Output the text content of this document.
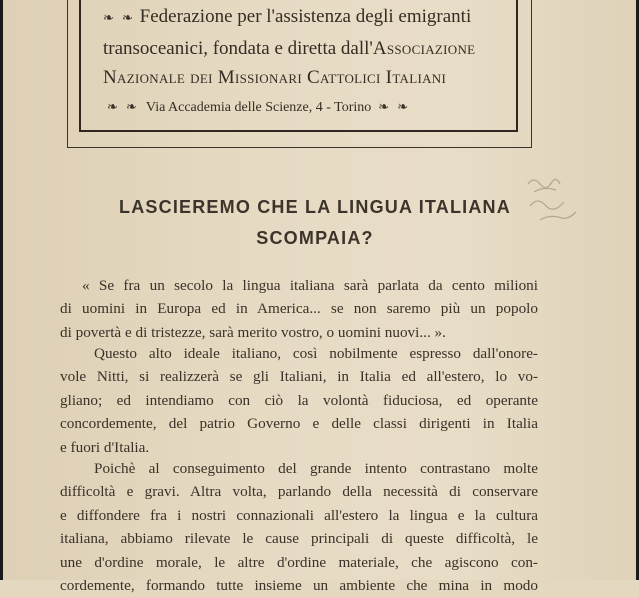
❧ ❧ Federazione per l'assistenza degli emigranti
transoceanici, fondata e diretta dall'Associazione
Nazionale dei Missionari Cattolici Italiani
❧ ❧ Via Accademia delle Scienze, 4 - Torino ❧ ❧
LASCIEREMO CHE LA LINGUA ITALIANA
SCOMPAIA?
« Se fra un secolo la lingua italiana sarà parlata da cento milioni
di uomini in Europa ed in America... se non saremo più un popolo
di povertà e di tristezze, sarà merito vostro, o uomini nuovi... ».
Questo alto ideale italiano, così nobilmente espresso dall'onore-
vole Nitti, si realizzerà se gli Italiani, in Italia ed all'estero, lo vo-
gliano; ed intendiamo con ciò la volontà fiduciosa, ed operante
concordemente, del patrio Governo e delle classi dirigenti in Italia
e fuori d'Italia.
Poichè al conseguimento del grande intento contrastano molte
difficoltà e gravi. Altra volta, parlando della necessità di conservare
e diffondere fra i nostri connazionali all'estero la lingua e la cultura
italiana, abbiamo rilevate le cause principali di queste difficoltà, le
une d'ordine morale, le altre d'ordine materiale, che agiscono con-
cordemente, formando tutte insieme un ambiente che mina in modo
